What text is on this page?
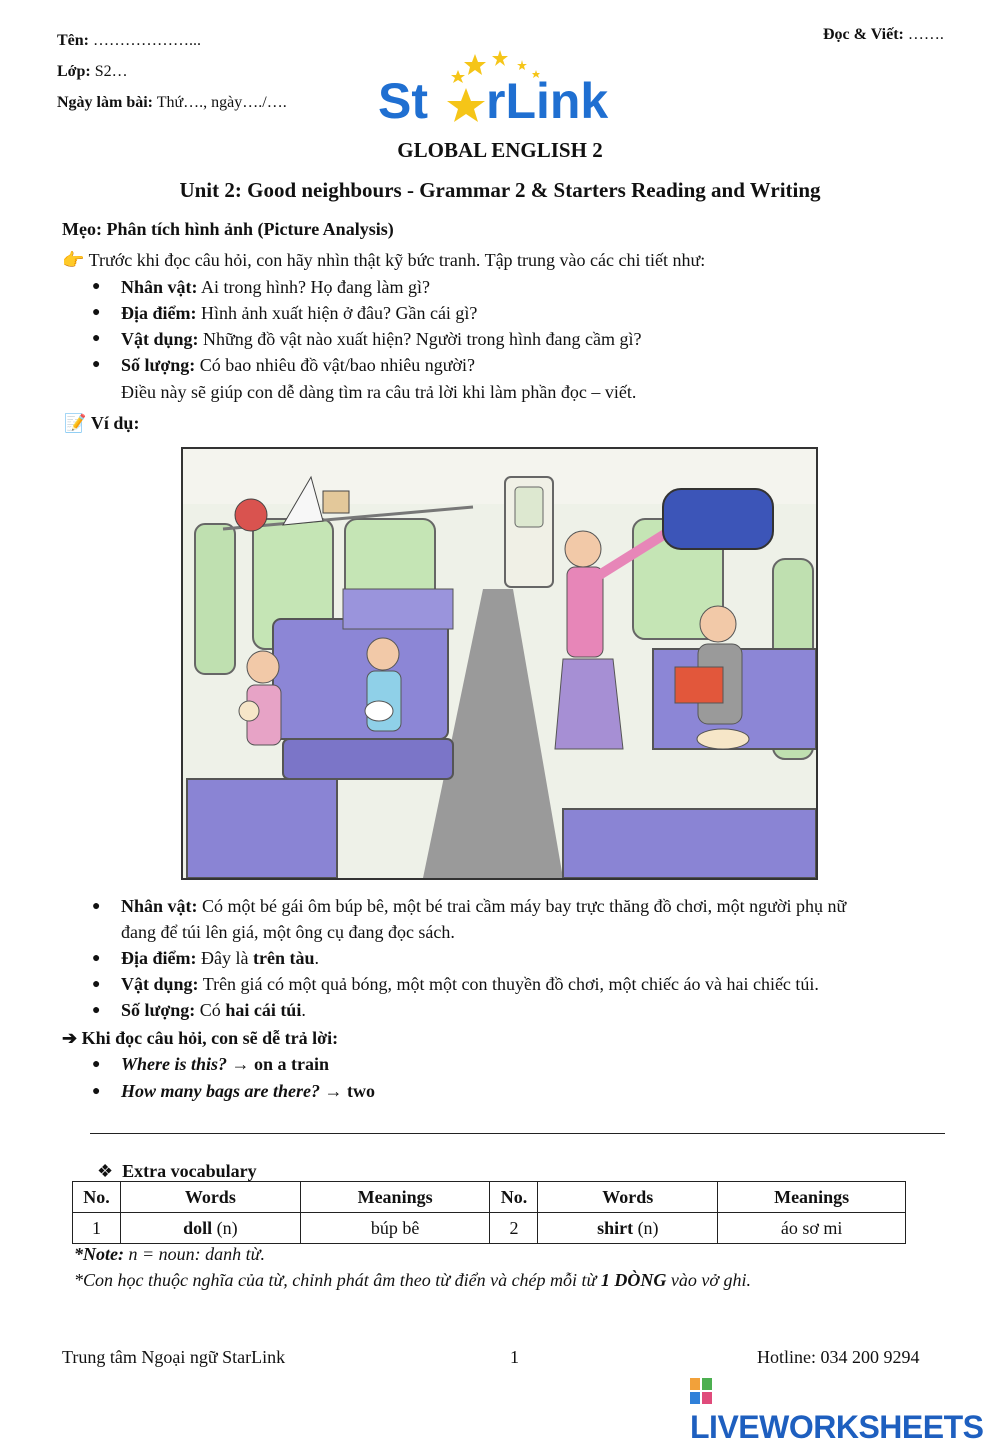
Tên: ………………...
Lớp: S2…
Ngày làm bài: Thứ…., ngày…./….
Đọc & Viết: …….
St rLink
GLOBAL ENGLISH 2
Unit 2: Good neighbours - Grammar 2 & Starters Reading and Writing
Mẹo: Phân tích hình ảnh (Picture Analysis)
👉 Trước khi đọc câu hỏi, con hãy nhìn thật kỹ bức tranh. Tập trung vào các chi tiết như:
● Nhân vật: Ai trong hình? Họ đang làm gì?
● Địa điểm: Hình ảnh xuất hiện ở đâu? Gần cái gì?
● Vật dụng: Những đồ vật nào xuất hiện? Người trong hình đang cầm gì?
● Số lượng: Có bao nhiêu đồ vật/bao nhiêu người?
Điều này sẽ giúp con dễ dàng tìm ra câu trả lời khi làm phần đọc – viết.
📝 Ví dụ:
● Nhân vật: Có một bé gái ôm búp bê, một bé trai cầm máy bay trực thăng đồ chơi, một người phụ nữ
đang để túi lên giá, một ông cụ đang đọc sách.
● Địa điểm: Đây là trên tàu.
● Vật dụng: Trên giá có một quả bóng, một một con thuyền đồ chơi, một chiếc áo và hai chiếc túi.
● Số lượng: Có hai cái túi.
➔ Khi đọc câu hỏi, con sẽ dễ trả lời:
● Where is this? → on a train
● How many bags are there? → two
❖ Extra vocabulary
No.	Words	Meanings	No.	Words	Meanings
1	doll (n)	búp bê	2	shirt (n)	áo sơ mi
*Note: n = noun: danh từ.
*Con học thuộc nghĩa của từ, chỉnh phát âm theo từ điển và chép mỗi từ 1 DÒNG vào vở ghi.
Trung tâm Ngoại ngữ StarLink	1	Hotline: 034 200 9294
LIVEWORKSHEETS
